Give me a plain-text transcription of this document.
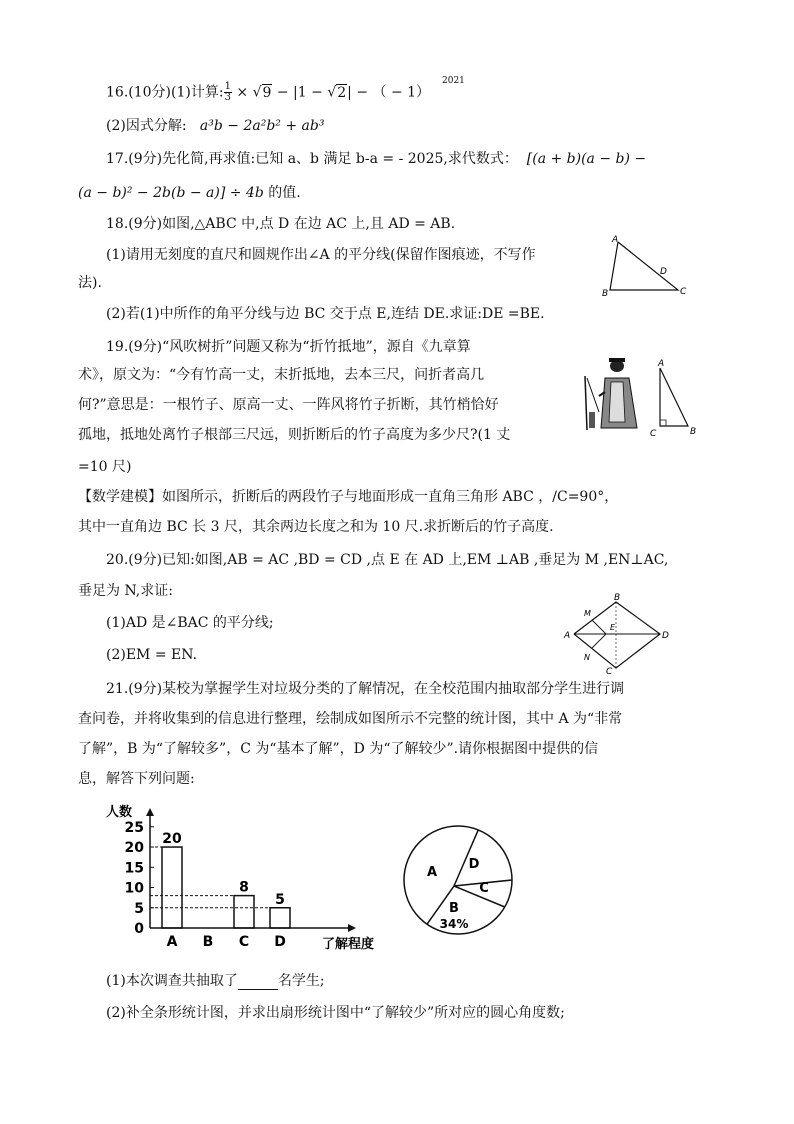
16.(10分)(1)计算: $\frac{1}{3} \times √9 - |1 - √2|$ − （ − 1）
2021
(2)因式分解: a³b − 2a²b² + ab³
17.(9分)先化简,再求值:已知 a、b 满足 b-a = - 2025,求代数式： [(a + b)(a − b) −
(a − b)² − 2b(b − a)] ÷ 4b 的值.
18.(9分)如图,△ABC 中,点 D 在边 AC 上,且 AD = AB.
(1)请用无刻度的直尺和圆规作出∠A 的平分线(保留作图痕迹，不写作
法).
(2)若(1)中所作的角平分线与边 BC 交于点 E,连结 DE.求证:DE =BE.
A
B	C
D
19.(9分)“风吹树折”问题又称为“折竹抵地”，源自《九章算
术》，原文为：“今有竹高一丈，末折抵地，去本三尺，问折者高几
何?”意思是：一根竹子、原高一丈、一阵风将竹子折断，其竹梢恰好
孤地，抵地处离竹子根部三尺远，则折断后的竹子高度为多少尺?(1 丈
=10 尺)
【数学建模】如图所示，折断后的两段竹子与地面形成一直角三角形 ABC ，/C=90°，
其中一直角边 BC 长 3 尺，其余两边长度之和为 10 尺.求折断后的竹子高度.
A
C	B
20.(9分)已知:如图,AB = AC ,BD = CD ,点 E 在 AD 上,EM ⊥AB ,垂足为 M ,EN⊥AC,
垂足为 N,求证:
(1)AD 是∠BAC 的平分线;
(2)EM = EN.
A
B
C
D
E
M
N
21.(9分)某校为掌握学生对垃圾分类的了解情况，在全校范围内抽取部分学生进行调
查问卷，并将收集到的信息进行整理，绘制成如图所示不完整的统计图，其中 A 为“非常
了解”，B 为“了解较多”，C 为“基本了解”，D 为“了解较少”.请你根据图中提供的信
息，解答下列问题:
人数
了解程度
0
5
10
15
20
25
A
20
B C
8
D
5
A
D
C
B
34%
(1)本次调查共抽取了	名学生;
(2)补全条形统计图，并求出扇形统计图中“了解较少”所对应的圆心角度数;
